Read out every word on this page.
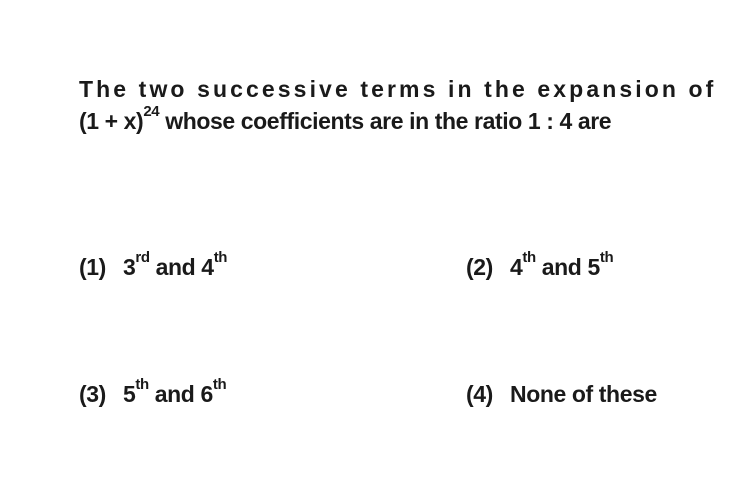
The two successive terms in the expansion of
$(1 + x)^{24}$ whose coefficients are in the ratio 1 : 4 are
(1) 3rd and 4th	(2) 4th and 5th
(3) 5th and 6th	(4) None of these
